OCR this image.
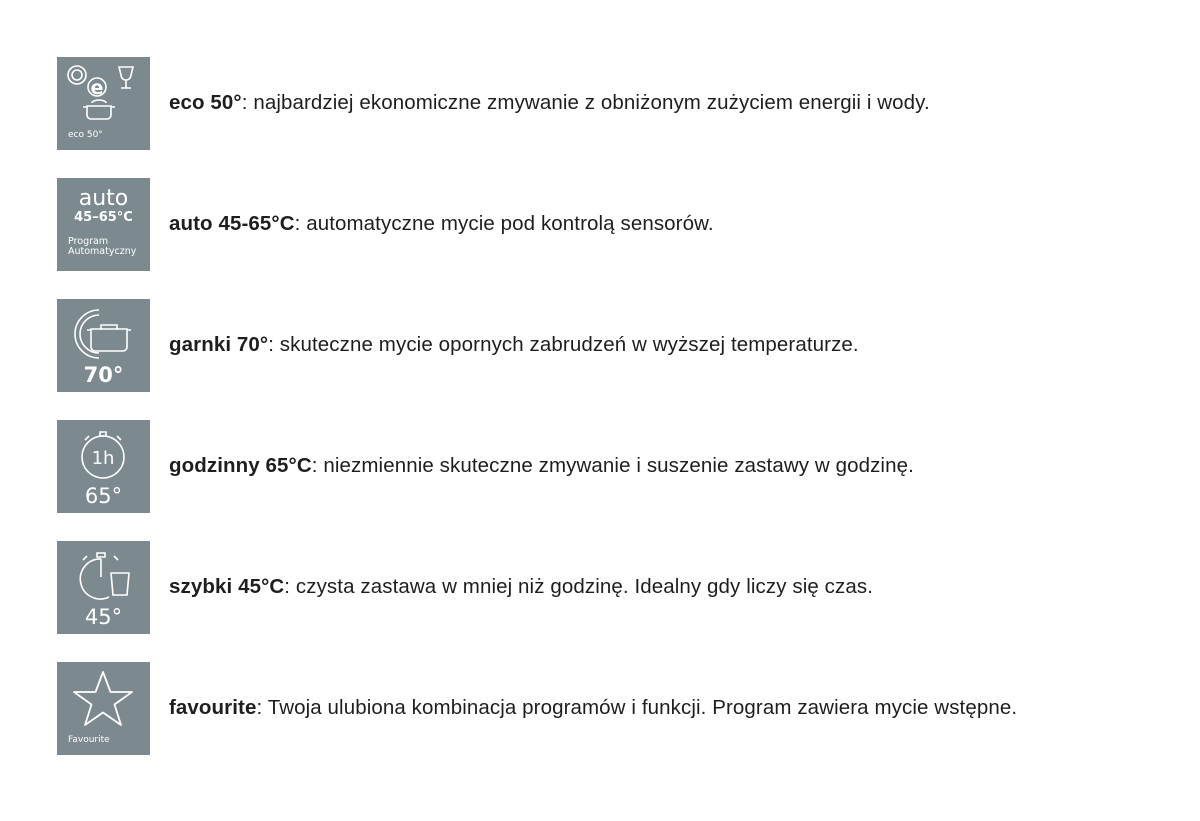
e
eco 50°
eco 50°: najbardziej ekonomiczne zmywanie z obniżonym zużyciem energii i wody.
auto
45–65°C
Program Automatyczny
auto 45-65°C: automatyczne mycie pod kontrolą sensorów.
70°
garnki 70°: skuteczne mycie opornych zabrudzeń w wyższej temperaturze.
1h
65°
godzinny 65°C: niezmiennie skuteczne zmywanie i suszenie zastawy w godzinę.
45°
szybki 45°C: czysta zastawa w mniej niż godzinę. Idealny gdy liczy się czas.
Favourite
favourite: Twoja ulubiona kombinacja programów i funkcji. Program zawiera mycie wstępne.
